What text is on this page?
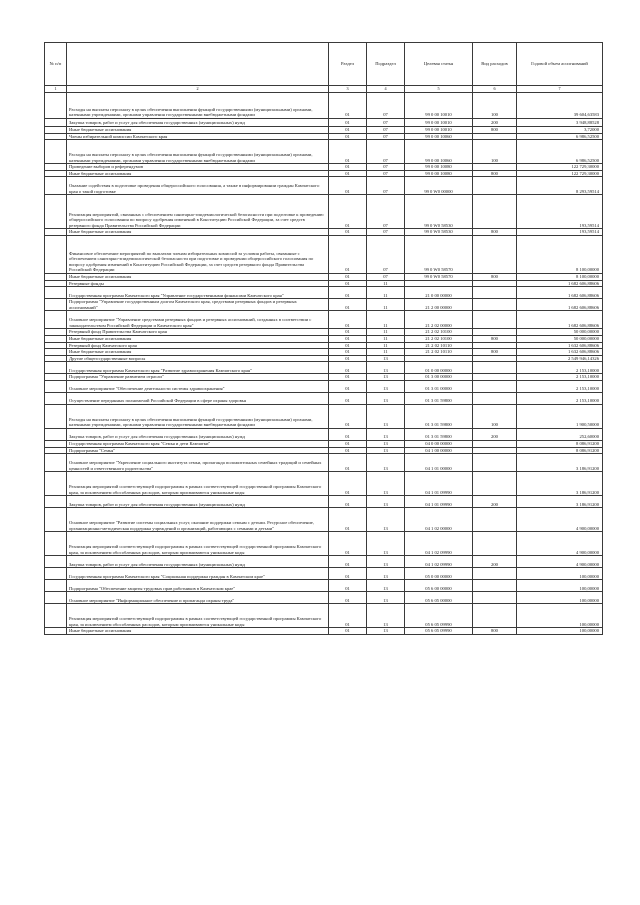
№ п/п		Раздел	Подраздел	Целевая статья	Вид расходов	Годовой объем ассигнований
1	2	3	4	5	6	7
	Расходы на выплаты персоналу в целях обеспечения выполнения функций государственными (муниципальными) органами, казенными учреждениями, органами управления государственными внебюджетными фондами	01	07	99 0 00 10010	100	39 604,63583
	Закупка товаров, работ и услуг для обеспечения государственных (муниципальных) нужд	01	07	99 0 00 10010	200	3 948,88528
	Иные бюджетные ассигнования	01	07	99 0 00 10010	800	3,72000
	Члены избирательной комиссии Камчатского края	01	07	99 0 00 10060		6 986,52500
	Расходы на выплаты персоналу в целях обеспечения выполнения функций государственными (муниципальными) органами, казенными учреждениями, органами управления государственными внебюджетными фондами	01	07	99 0 00 10060	100	6 986,52500
	Проведение выборов и референдумов	01	07	99 0 00 10080		122 729,30000
	Иные бюджетные ассигнования	01	07	99 0 00 10080	800	122 729,30000
	Оказание содействия в подготовке проведения общероссийского голосования, а также в информировании граждан Камчатского края о такой подготовке	01	07	99 0 W0 00000		8 293,59514
	Реализация мероприятий, связанных с обеспечением санитарно-эпидемиологической безопасности при подготовке к проведению общероссийского голосования по вопросу одобрения изменений в Конституцию Российской Федерации, за счет средств резервного фонда Правительства Российской Федерации	01	07	99 0 W0 58530		193,59514
	Иные бюджетные ассигнования	01	07	99 0 W0 58530	800	193,59514
	Финансовое обеспечение мероприятий по выплатам членам избирательных комиссий за условия работы, связанные с обеспечением санитарно-эпидемиологической безопасности при подготовке и проведении общероссийского голосования по вопросу одобрения изменений в Конституцию Российской Федерации, за счет средств резервного фонда Правительства Российской Федерации	01	07	99 0 W0 58570		8 100,00000
	Иные бюджетные ассигнования	01	07	99 0 W0 58570	800	8 100,00000
	Резервные фонды	01	11			1 682 606,88606
	Государственная программа Камчатского края "Управление государственными финансами Камчатского края"	01	11	21 0 00 00000		1 682 606,88606
	Подпрограмма "Управление государственным долгом Камчатского края, средствами резервных фондов и резервных ассигнований"	01	11	21 2 00 00000		1 682 606,88606
	Основное мероприятие "Управление средствами резервных фондов и резервных ассигнований, созданных в соответствии с законодательством Российской Федерации и Камчатского края"	01	11	21 2 02 00000		1 682 606,88606
	Резервный фонд Правительства Камчатского края	01	11	21 2 02 10100		50 000,00000
	Иные бюджетные ассигнования	01	11	21 2 02 10100	800	50 000,00000
	Резервный фонд Камчатского края	01	11	21 2 02 10110		1 632 606,88606
	Иные бюджетные ассигнования	01	11	21 2 02 10110	800	1 632 606,88606
	Другие общегосударственные вопросы	01	13			2 549 946,14326
	Государственная программа Камчатского края "Развитие здравоохранения Камчатского края"	01	13	01 0 00 00000		2 153,10000
	Подпрограмма "Управление развитием отрасли"	01	13	01 3 00 00000		2 153,10000
	Основное мероприятие "Обеспечение деятельности системы здравоохранения"	01	13	01 3 01 00000		2 153,10000
	Осуществление переданных полномочий Российской Федерации в сфере охраны здоровья	01	13	01 3 01 59800		2 153,10000
	Расходы на выплаты персоналу в целях обеспечения выполнения функций государственными (муниципальными) органами, казенными учреждениями, органами управления государственными внебюджетными фондами	01	13	01 3 01 59800	100	1 900,50000
	Закупка товаров, работ и услуг для обеспечения государственных (муниципальных) нужд	01	13	01 3 01 59800	200	252,60000
	Государственная программа Камчатского края "Семья и дети Камчатки"	01	13	04 0 00 00000		8 086,91200
	Подпрограмма "Семья"	01	13	04 1 00 00000		8 086,91200
	Основное мероприятие "Укрепление социального института семьи, пропаганда положительных семейных традиций и семейных ценностей и ответственного родительства"	01	13	04 1 01 00000		3 186,91200
	Реализация мероприятий соответствующей подпрограммы в рамках соответствующей государственной программы Камчатского края, за исключением обособленных расходов, которым присваиваются уникальные коды	01	13	04 1 01 09990		3 186,91200
	Закупка товаров, работ и услуг для обеспечения государственных (муниципальных) нужд	01	13	04 1 01 09990	200	3 186,91200
	Основное мероприятие "Развитие системы социальных услуг, оказание поддержки семьям с детьми. Ресурсное обеспечение, организационно-методическая поддержка учреждений и организаций, работающих с семьями и детьми"	01	13	04 1 02 00000		4 900,00000
	Реализация мероприятий соответствующей подпрограммы в рамках соответствующей государственной программы Камчатского края, за исключением обособленных расходов, которым присваиваются уникальные коды	01	13	04 1 02 09990		4 900,00000
	Закупка товаров, работ и услуг для обеспечения государственных (муниципальных) нужд	01	13	04 1 02 09990	200	4 900,00000
	Государственная программа Камчатского края "Социальная поддержка граждан в Камчатском крае"	01	13	05 0 00 00000		100,00000
	Подпрограмма "Обеспечение защиты трудовых прав работников в Камчатском крае"	01	13	05 6 00 00000		100,00000
	Основное мероприятие "Информационное обеспечение и пропаганда охраны труда"	01	13	05 6 05 00000		100,00000
	Реализация мероприятий соответствующей подпрограммы в рамках соответствующей государственной программы Камчатского края, за исключением обособленных расходов, которым присваиваются уникальные коды	01	13	05 6 05 09990		100,00000
	Иные бюджетные ассигнования	01	13	05 6 05 09990	800	100,00000
